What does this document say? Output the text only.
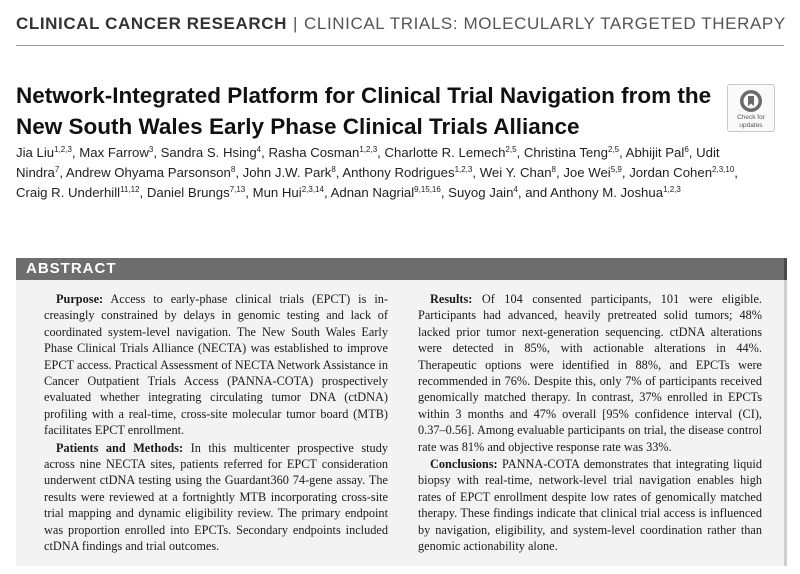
CLINICAL CANCER RESEARCH | CLINICAL TRIALS: MOLECULARLY TARGETED THERAPY
Network-Integrated Platform for Clinical Trial Navigation from the New South Wales Early Phase Clinical Trials Alliance	Check for
updates
Jia Liu$^{1,2,3}$, Max Farrow$^3$, Sandra S. Hsing$^4$, Rasha Cosman$^{1,2,3}$, Charlotte R. Lemech$^{2,5}$, Christina Teng$^{2,5}$, Abhijit Pal$^6$, Udit Nindra$^7$, Andrew Ohyama Parsonson$^8$, John J.W. Park$^8$, Anthony Rodrigues$^{1,2,3}$, Wei Y. Chan$^8$, Joe Wei$^{5,9}$, Jordan Cohen$^{2,3,10}$, Craig R. Underhill$^{11,12}$, Daniel Brungs$^{7,13}$, Mun Hui$^{2,3,14}$, Adnan Nagrial$^{9,15,16}$, Suyog Jain$^4$, and Anthony M. Joshua$^{1,2,3}$
ABSTRACT

Purpose: Access to early-phase clinical trials (EPCT) is increasingly constrained by delays in genomic testing and lack of coordinated system-level navigation. The New South Wales Early Phase Clinical Trials Alliance (NECTA) was established to improve EPCT access. Practical Assessment of NECTA Network Assistance in Cancer Outpatient Trials Access (PANNA-COTA) prospectively evaluated whether integrating circulating tumor DNA (ctDNA) profiling with a real-time, cross-site molecular tumor board (MTB) facilitates EPCT enrollment.

Patients and Methods: In this multicenter prospective study across nine NECTA sites, patients referred for EPCT consideration underwent ctDNA testing using the Guardant360 74-gene assay. The results were reviewed at a fortnightly MTB incorporating cross-site trial mapping and dynamic eligibility review. The primary endpoint was proportion enrolled into EPCTs. Secondary endpoints included ctDNA findings and trial outcomes.

Results: Of 104 consented participants, 101 were eligible. Participants had advanced, heavily pretreated solid tumors; 48% lacked prior tumor next-generation sequencing. ctDNA alterations were detected in 85%, with actionable alterations in 44%. Therapeutic options were identified in 88%, and EPCTs were recommended in 76%. Despite this, only 7% of participants received genomically matched therapy. In contrast, 37% enrolled in EPCTs within 3 months and 47% overall [95% confidence interval (CI), 0.37–0.56]. Among evaluable participants on trial, the disease control rate was 81% and objective response rate was 33%.

Conclusions: PANNA-COTA demonstrates that integrating liquid biopsy with real-time, network-level trial navigation enables high rates of EPCT enrollment despite low rates of genomically matched therapy. These findings indicate that clinical trial access is influenced by navigation, eligibility, and system-level coordination rather than genomic actionability alone.
